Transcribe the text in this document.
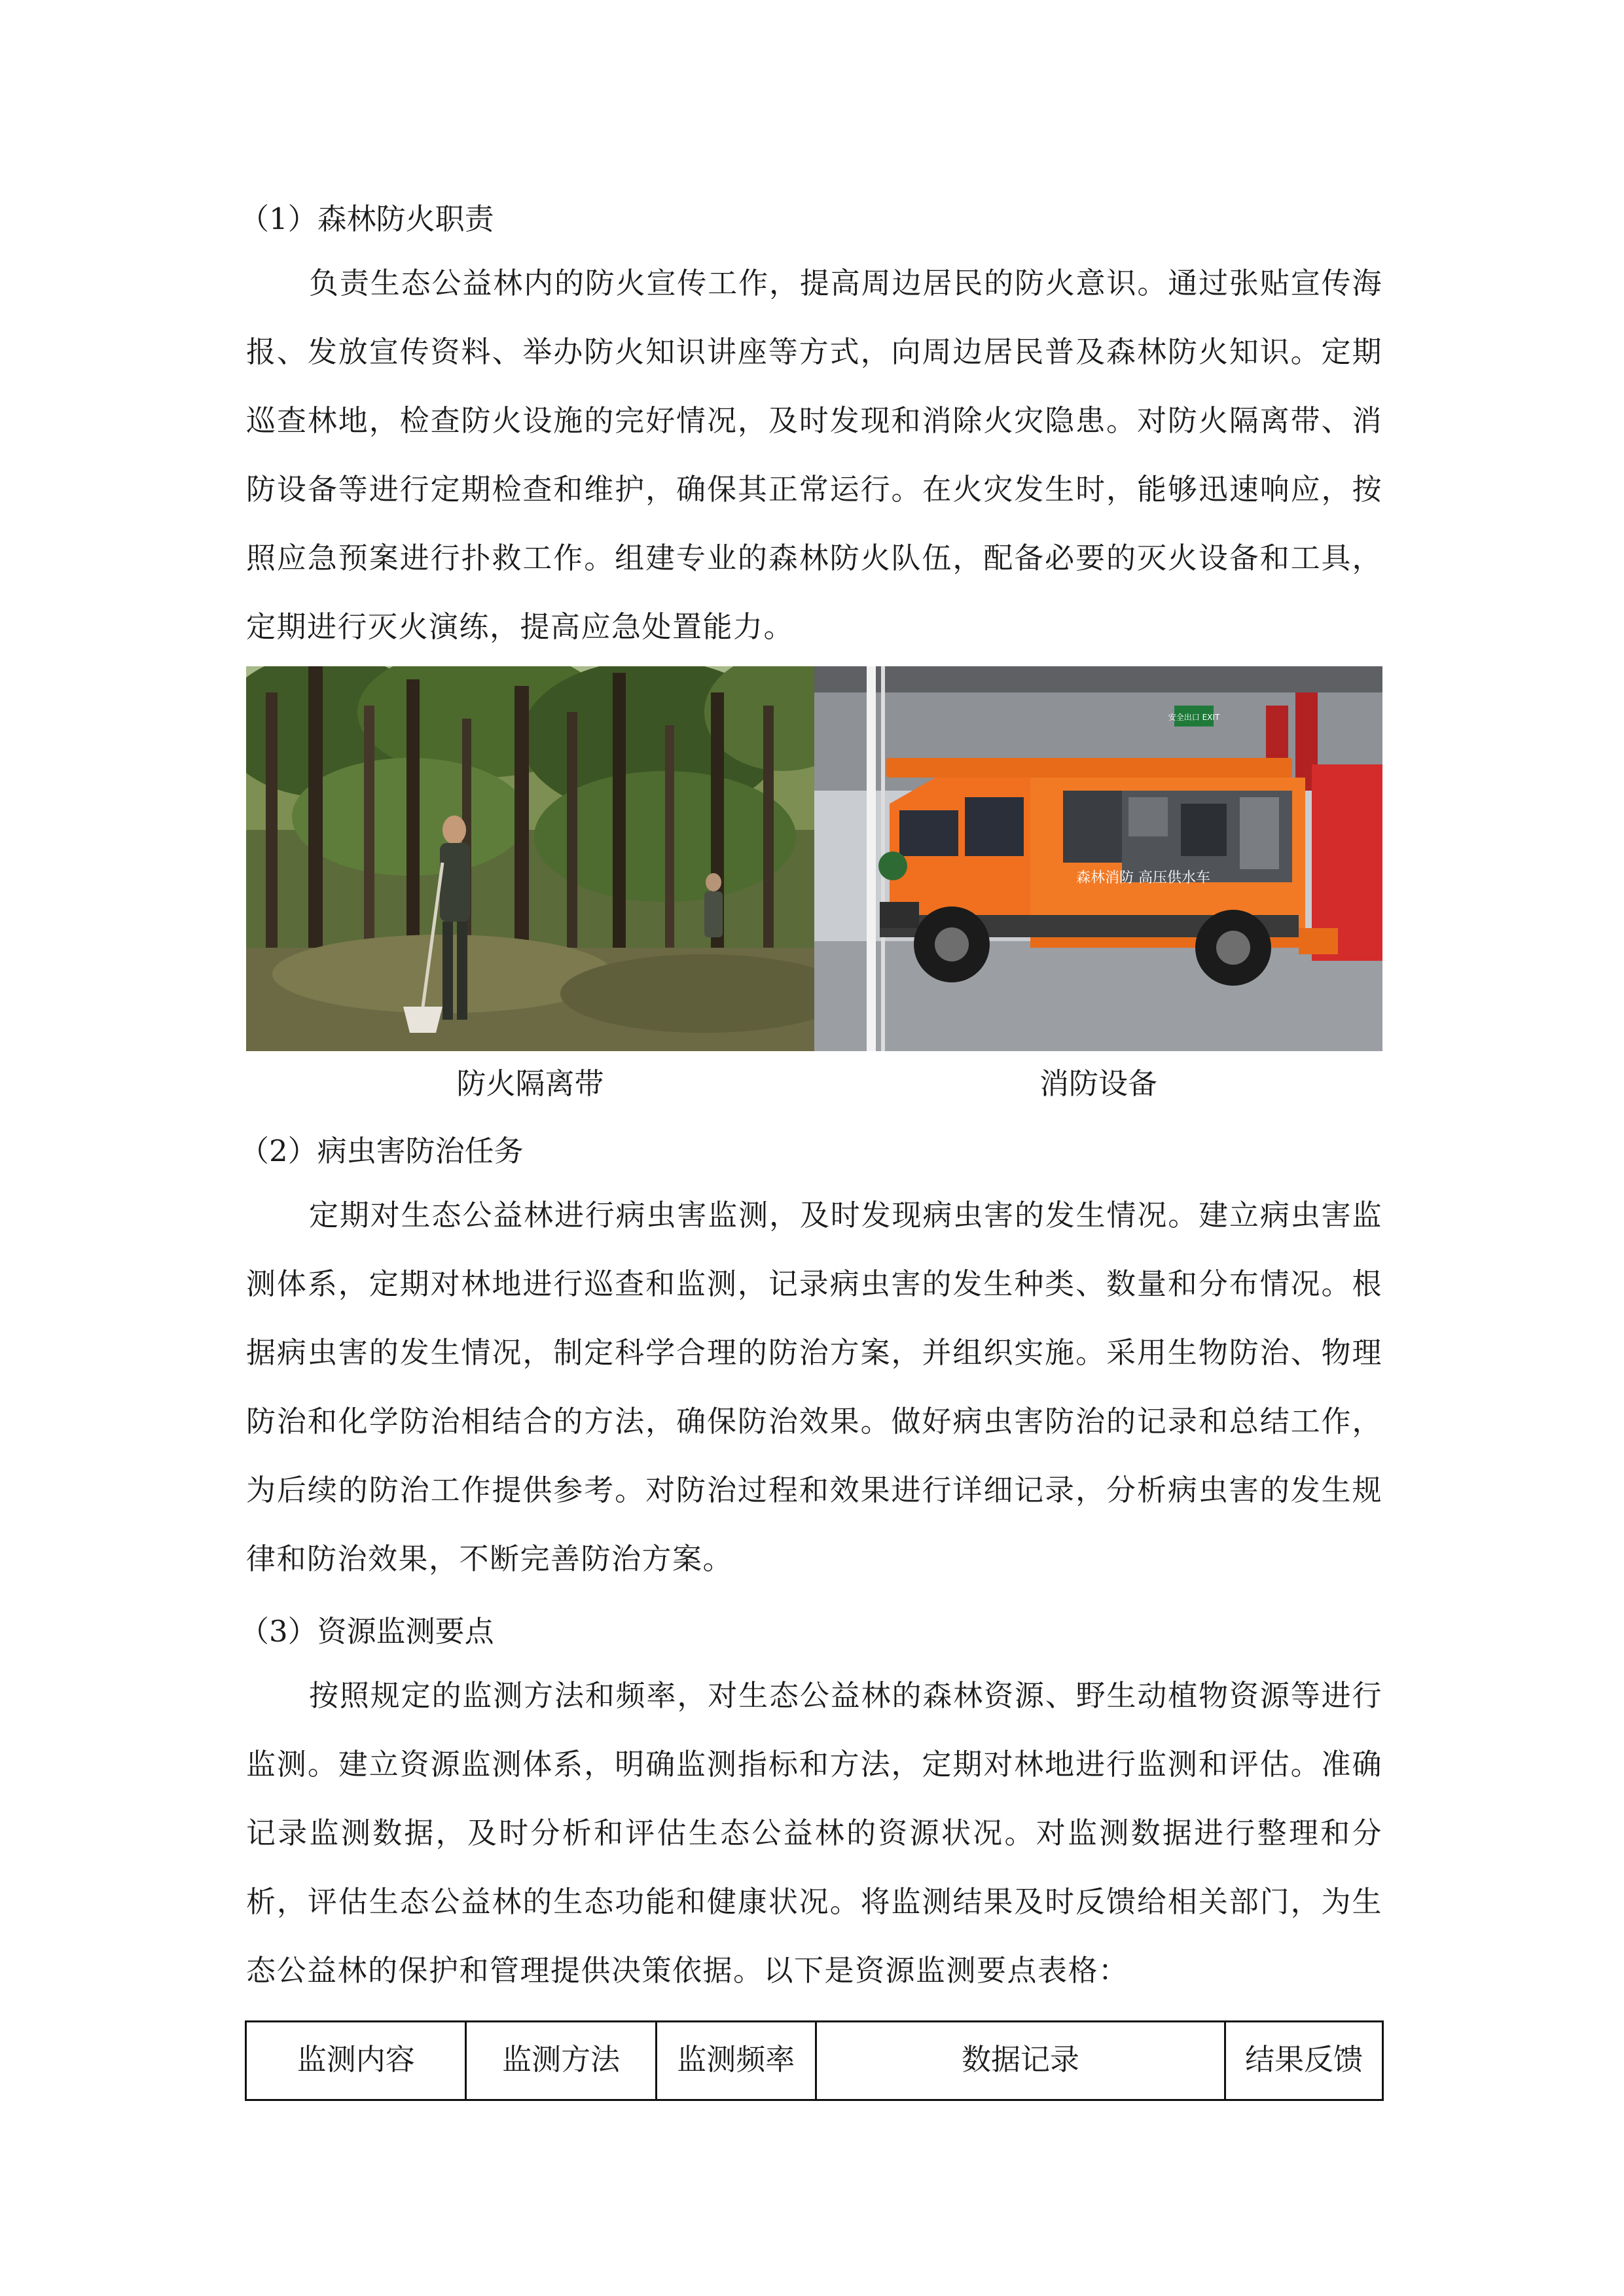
（1）森林防火职责

负责生态公益林内的防火宣传工作，提高周边居民的防火意识。通过张贴宣传海报、发放宣传资料、举办防火知识讲座等方式，向周边居民普及森林防火知识。定期巡查林地，检查防火设施的完好情况，及时发现和消除火灾隐患。对防火隔离带、消防设备等进行定期检查和维护，确保其正常运行。在火灾发生时，能够迅速响应，按照应急预案进行扑救工作。组建专业的森林防火队伍，配备必要的灭火设备和工具，定期进行灭火演练，提高应急处置能力。

安全出口 EXIT
森林消防 高压供水车
防火隔离带	消防设备

（2）病虫害防治任务

定期对生态公益林进行病虫害监测，及时发现病虫害的发生情况。建立病虫害监测体系，定期对林地进行巡查和监测，记录病虫害的发生种类、数量和分布情况。根据病虫害的发生情况，制定科学合理的防治方案，并组织实施。采用生物防治、物理防治和化学防治相结合的方法，确保防治效果。做好病虫害防治的记录和总结工作，为后续的防治工作提供参考。对防治过程和效果进行详细记录，分析病虫害的发生规律和防治效果，不断完善防治方案。

（3）资源监测要点

按照规定的监测方法和频率，对生态公益林的森林资源、野生动植物资源等进行监测。建立资源监测体系，明确监测指标和方法，定期对林地进行监测和评估。准确记录监测数据，及时分析和评估生态公益林的资源状况。对监测数据进行整理和分析，评估生态公益林的生态功能和健康状况。将监测结果及时反馈给相关部门，为生态公益林的保护和管理提供决策依据。以下是资源监测要点表格：

监测内容	监测方法	监测频率	数据记录	结果反馈
